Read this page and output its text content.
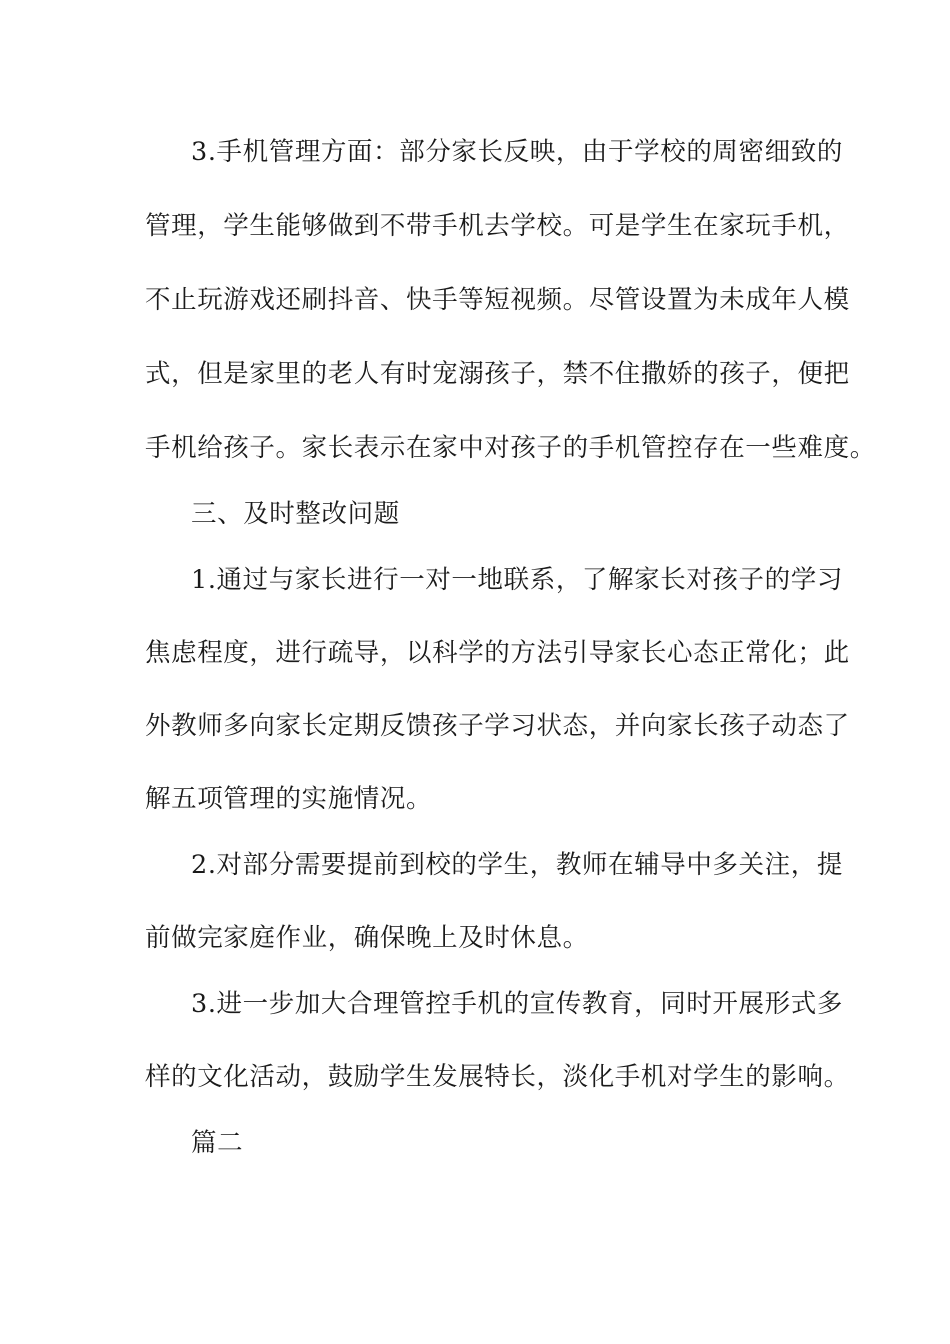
3.手机管理方面：部分家长反映，由于学校的周密细致的
管理，学生能够做到不带手机去学校。可是学生在家玩手机，
不止玩游戏还刷抖音、快手等短视频。尽管设置为未成年人模
式，但是家里的老人有时宠溺孩子，禁不住撒娇的孩子，便把
手机给孩子。家长表示在家中对孩子的手机管控存在一些难度。
三、及时整改问题
1.通过与家长进行一对一地联系，了解家长对孩子的学习
焦虑程度，进行疏导，以科学的方法引导家长心态正常化；此
外教师多向家长定期反馈孩子学习状态，并向家长孩子动态了
解五项管理的实施情况。
2.对部分需要提前到校的学生，教师在辅导中多关注，提
前做完家庭作业，确保晚上及时休息。
3.进一步加大合理管控手机的宣传教育，同时开展形式多
样的文化活动，鼓励学生发展特长，淡化手机对学生的影响。
篇二
